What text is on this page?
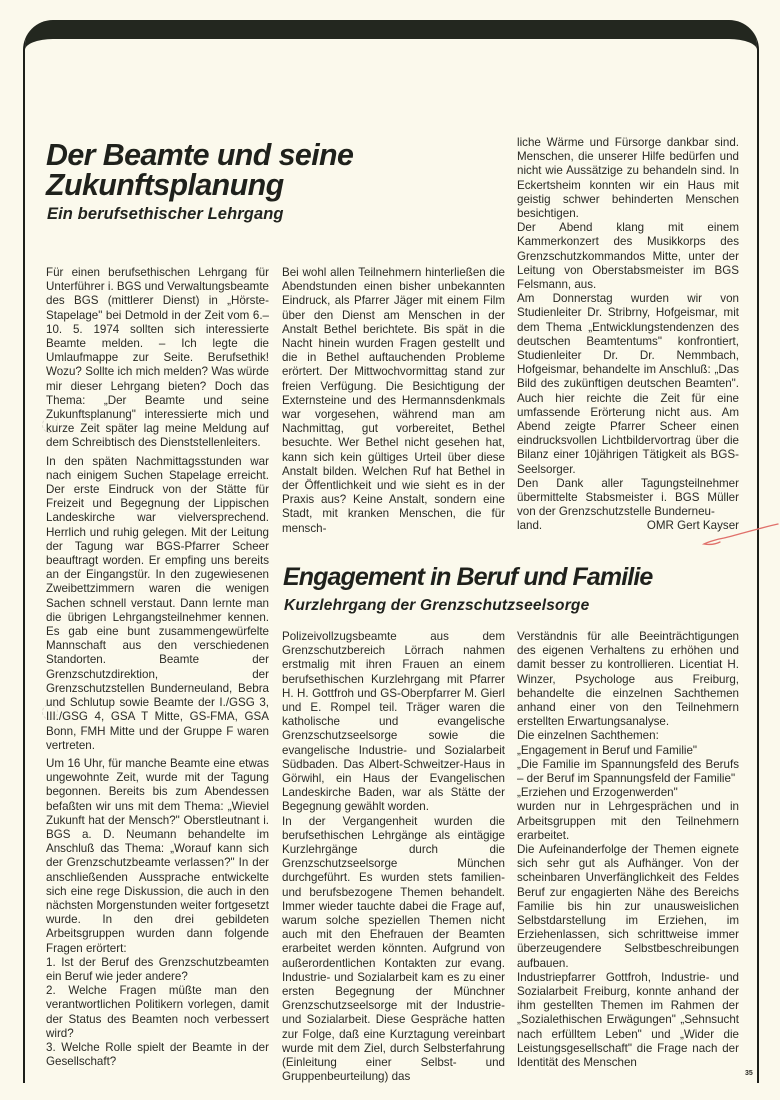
Der Beamte und seine
Zukunftsplanung
Ein berufsethischer Lehrgang

Für einen berufsethischen Lehrgang für Unterführer i. BGS und Verwaltungsbeamte des BGS (mittlerer Dienst) in „Hörste-Stapelage" bei Detmold in der Zeit vom 6.–10. 5. 1974 sollten sich interessierte Beamte melden. – Ich legte die Umlaufmappe zur Seite. Berufsethik! Wozu? Sollte ich mich melden? Was würde mir dieser Lehrgang bieten? Doch das Thema: „Der Beamte und seine Zukunftsplanung" interessierte mich und kurze Zeit später lag meine Meldung auf dem Schreibtisch des Dienststellenleiters.

In den späten Nachmittagsstunden war nach einigem Suchen Stapelage erreicht. Der erste Eindruck von der Stätte für Freizeit und Begegnung der Lippischen Landeskirche war vielversprechend. Herrlich und ruhig gelegen. Mit der Leitung der Tagung war BGS-Pfarrer Scheer beauftragt worden. Er empfing uns bereits an der Eingangstür. In den zugewiesenen Zweibettzimmern waren die wenigen Sachen schnell verstaut. Dann lernte man die übrigen Lehrgangsteilnehmer kennen. Es gab eine bunt zusammengewürfelte Mannschaft aus den verschiedenen Standorten. Beamte der Grenzschutzdirektion, der Grenzschutzstellen Bunderneuland, Bebra und Schlutup sowie Beamte der I./GSG 3, III./GSG 4, GSA T Mitte, GS-FMA, GSA Bonn, FMH Mitte und der Gruppe F waren vertreten.

Um 16 Uhr, für manche Beamte eine etwas ungewohnte Zeit, wurde mit der Tagung begonnen. Bereits bis zum Abendessen befaßten wir uns mit dem Thema: „Wieviel Zukunft hat der Mensch?" Oberstleutnant i. BGS a. D. Neumann behandelte im Anschluß das Thema: „Worauf kann sich der Grenzschutzbeamte verlassen?" In der anschließenden Aussprache entwickelte sich eine rege Diskussion, die auch in den nächsten Morgenstunden weiter fortgesetzt wurde. In den drei gebildeten Arbeitsgruppen wurden dann folgende Fragen erörtert:

1. Ist der Beruf des Grenzschutzbeamten ein Beruf wie jeder andere?

2. Welche Fragen müßte man den verantwortlichen Politikern vorlegen, damit der Status des Beamten noch verbessert wird?

3. Welche Rolle spielt der Beamte in der Gesellschaft?

Bei wohl allen Teilnehmern hinterließen die Abendstunden einen bisher unbekannten Eindruck, als Pfarrer Jäger mit einem Film über den Dienst am Menschen in der Anstalt Bethel berichtete. Bis spät in die Nacht hinein wurden Fragen gestellt und die in Bethel auftauchenden Probleme erörtert. Der Mittwochvormittag stand zur freien Verfügung. Die Besichtigung der Externsteine und des Hermannsdenkmals war vorgesehen, während man am Nachmittag, gut vorbereitet, Bethel besuchte. Wer Bethel nicht gesehen hat, kann sich kein gültiges Urteil über diese Anstalt bilden. Welchen Ruf hat Bethel in der Öffentlichkeit und wie sieht es in der Praxis aus? Keine Anstalt, sondern eine Stadt, mit kranken Menschen, die für mensch-

liche Wärme und Fürsorge dankbar sind. Menschen, die unserer Hilfe bedürfen und nicht wie Aussätzige zu behandeln sind. In Eckertsheim konnten wir ein Haus mit geistig schwer behinderten Menschen besichtigen.

Der Abend klang mit einem Kammerkonzert des Musikkorps des Grenzschutzkommandos Mitte, unter der Leitung von Oberstabsmeister im BGS Felsmann, aus.

Am Donnerstag wurden wir von Studienleiter Dr. Stribrny, Hofgeismar, mit dem Thema „Entwicklungstendenzen des deutschen Beamtentums" konfrontiert, Studienleiter Dr. Dr. Nemmbach, Hofgeismar, behandelte im Anschluß: „Das Bild des zukünftigen deutschen Beamten". Auch hier reichte die Zeit für eine umfassende Erörterung nicht aus. Am Abend zeigte Pfarrer Scheer einen eindrucksvollen Lichtbildervortrag über die Bilanz einer 10jährigen Tätigkeit als BGS-Seelsorger.

Den Dank aller Tagungsteilnehmer übermittelte Stabsmeister i. BGS Müller von der Grenzschutzstelle Bunderneu-

land.	OMR Gert Kayser
Engagement in Beruf und Familie
Kurzlehrgang der Grenzschutzseelsorge

Polizeivollzugsbeamte aus dem Grenzschutzbereich Lörrach nahmen erstmalig mit ihren Frauen an einem berufsethischen Kurzlehrgang mit Pfarrer H. H. Gottfroh und GS-Oberpfarrer M. Gierl und E. Rompel teil. Träger waren die katholische und evangelische Grenzschutzseelsorge sowie die evangelische Industrie- und Sozialarbeit Südbaden. Das Albert-Schweitzer-Haus in Görwihl, ein Haus der Evangelischen Landeskirche Baden, war als Stätte der Begegnung gewählt worden.

In der Vergangenheit wurden die berufsethischen Lehrgänge als eintägige Kurzlehrgänge durch die Grenzschutzseelsorge München durchgeführt. Es wurden stets familien- und berufsbezogene Themen behandelt. Immer wieder tauchte dabei die Frage auf, warum solche speziellen Themen nicht auch mit den Ehefrauen der Beamten erarbeitet werden könnten. Aufgrund von außerordentlichen Kontakten zur evang. Industrie- und Sozialarbeit kam es zu einer ersten Begegnung der Münchner Grenzschutzseelsorge mit der Industrie- und Sozialarbeit. Diese Gespräche hatten zur Folge, daß eine Kurztagung vereinbart wurde mit dem Ziel, durch Selbsterfahrung (Einleitung einer Selbst- und Gruppenbeurteilung) das

Verständnis für alle Beeinträchtigungen des eigenen Verhaltens zu erhöhen und damit besser zu kontrollieren. Licentiat H. Winzer, Psychologe aus Freiburg, behandelte die einzelnen Sachthemen anhand einer von den Teilnehmern erstellten Erwartungsanalyse.

Die einzelnen Sachthemen:

„Engagement in Beruf und Familie"

„Die Familie im Spannungsfeld des Berufs – der Beruf im Spannungsfeld der Familie"

„Erziehen und Erzogenwerden"

wurden nur in Lehrgesprächen und in Arbeitsgruppen mit den Teilnehmern erarbeitet.

Die Aufeinanderfolge der Themen eignete sich sehr gut als Aufhänger. Von der scheinbaren Unverfänglichkeit des Feldes Beruf zur engagierten Nähe des Bereichs Familie bis hin zur unausweislichen Selbstdarstellung im Erziehen, im Erziehenlassen, sich schrittweise immer überzeugendere Selbstbeschreibungen aufbauen.

Industriepfarrer Gottfroh, Industrie- und Sozialarbeit Freiburg, konnte anhand der ihm gestellten Themen im Rahmen der „Sozialethischen Erwägungen" „Sehnsucht nach erfülltem Leben" und „Wider die Leistungsgesellschaft" die Frage nach der Identität des Menschen

35
